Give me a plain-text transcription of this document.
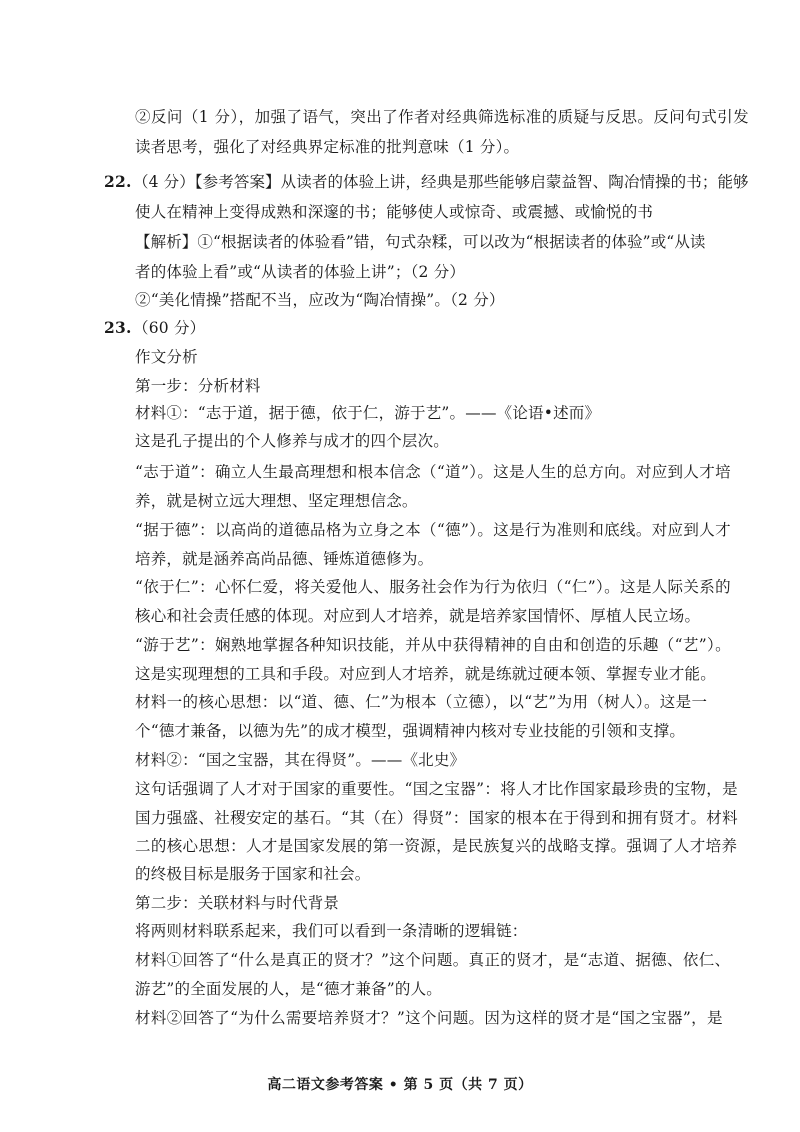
②反问（1 分），加强了语气，突出了作者对经典筛选标准的质疑与反思。反问句式引发
读者思考，强化了对经典界定标准的批判意味（1 分）。
22. （4 分）【参考答案】从读者的体验上讲，经典是那些能够启蒙益智、陶冶情操的书；能够
使人在精神上变得成熟和深邃的书；能够使人或惊奇、或震撼、或愉悦的书
【解析】①“根据读者的体验看”错，句式杂糅，可以改为“根据读者的体验”或“从读
者的体验上看”或“从读者的体验上讲”；（2 分）
②“美化情操”搭配不当，应改为“陶冶情操”。（2 分）
23. （60 分）
作文分析
第一步：分析材料
材料①：“志于道，据于德，依于仁，游于艺”。——《论语•述而》
这是孔子提出的个人修养与成才的四个层次。
“志于道”：确立人生最高理想和根本信念（“道”）。这是人生的总方向。对应到人才培
养，就是树立远大理想、坚定理想信念。
“据于德”：以高尚的道德品格为立身之本（“德”）。这是行为准则和底线。对应到人才
培养，就是涵养高尚品德、锤炼道德修为。
“依于仁”：心怀仁爱，将关爱他人、服务社会作为行为依归（“仁”）。这是人际关系的
核心和社会责任感的体现。对应到人才培养，就是培养家国情怀、厚植人民立场。
“游于艺”：娴熟地掌握各种知识技能，并从中获得精神的自由和创造的乐趣（“艺”）。
这是实现理想的工具和手段。对应到人才培养，就是练就过硬本领、掌握专业才能。
材料一的核心思想：以“道、德、仁”为根本（立德），以“艺”为用（树人）。这是一
个“德才兼备，以德为先”的成才模型，强调精神内核对专业技能的引领和支撑。
材料②：“国之宝器，其在得贤”。——《北史》
这句话强调了人才对于国家的重要性。“国之宝器”：将人才比作国家最珍贵的宝物，是
国力强盛、社稷安定的基石。“其（在）得贤”：国家的根本在于得到和拥有贤才。材料
二的核心思想：人才是国家发展的第一资源，是民族复兴的战略支撑。强调了人才培养
的终极目标是服务于国家和社会。
第二步：关联材料与时代背景
将两则材料联系起来，我们可以看到一条清晰的逻辑链：
材料①回答了“什么是真正的贤才？”这个问题。真正的贤才，是“志道、据德、依仁、
游艺”的全面发展的人，是“德才兼备”的人。
材料②回答了“为什么需要培养贤才？”这个问题。因为这样的贤才是“国之宝器”，是
高二语文参考答案 • 第 5 页（共 7 页）
